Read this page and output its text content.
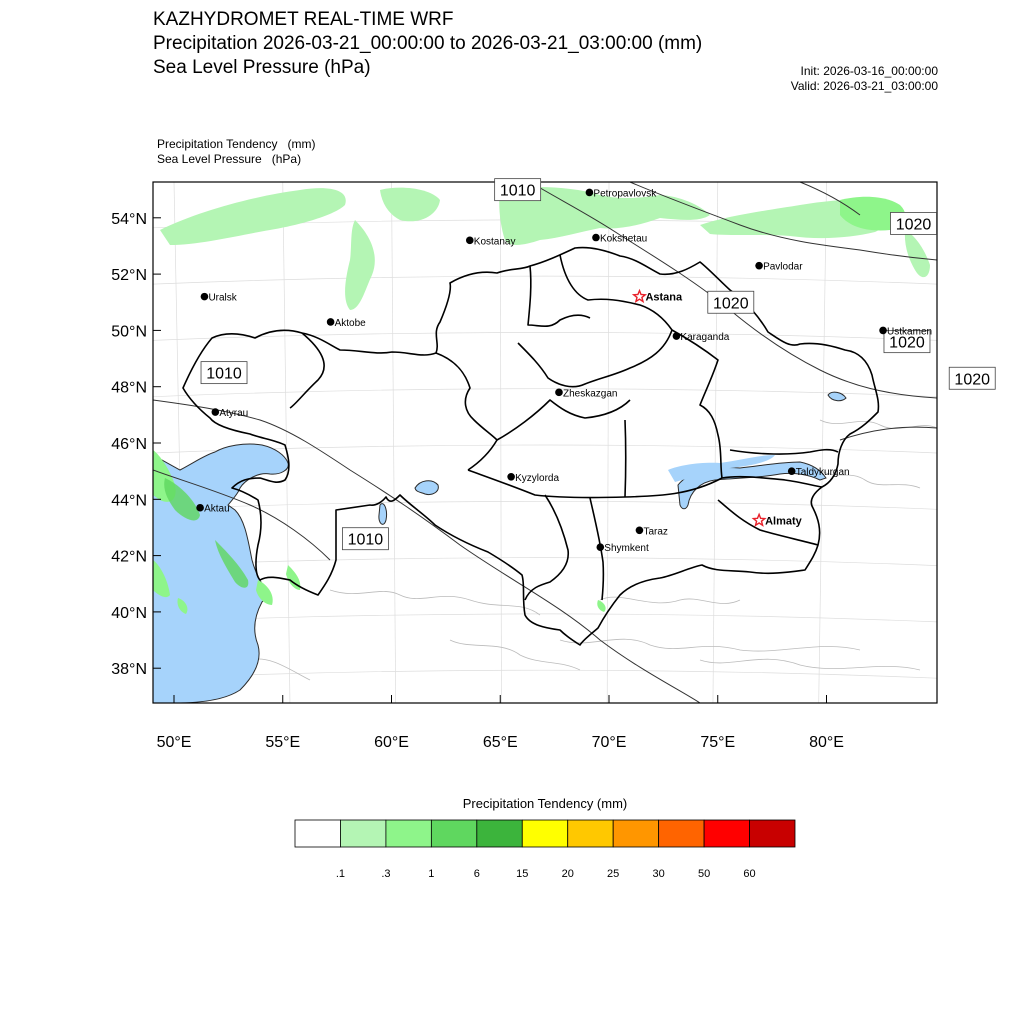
KAZHYDROMET REAL-TIME WRF
Precipitation 2026-03-21_00:00:00 to 2026-03-21_03:00:00 (mm)
Sea Level Pressure (hPa)	Init: 2026-03-16_00:00:00
Valid: 2026-03-21_03:00:00
Precipitation Tendency   (mm)
Sea Level Pressure   (hPa)
54°N
52°N
50°N
48°N
46°N
44°N
42°N
40°N
38°N
50°E	55°E	60°E	65°E	70°E	75°E	80°E
1010
1020
1020
1020
1020
1010
1010
Petropavlovsk
Kostanay	Kokshetau
Pavlodar
Uralsk	Astana
Aktobe
Ustkamen
Karaganda
Atyrau
Zheskazgan
Aktau
Kyzylorda
Taldykurgan
Almaty
Taraz
Shymkent
.1	.3	1	6	15	20	25	30	50	60
Precipitation Tendency (mm)
